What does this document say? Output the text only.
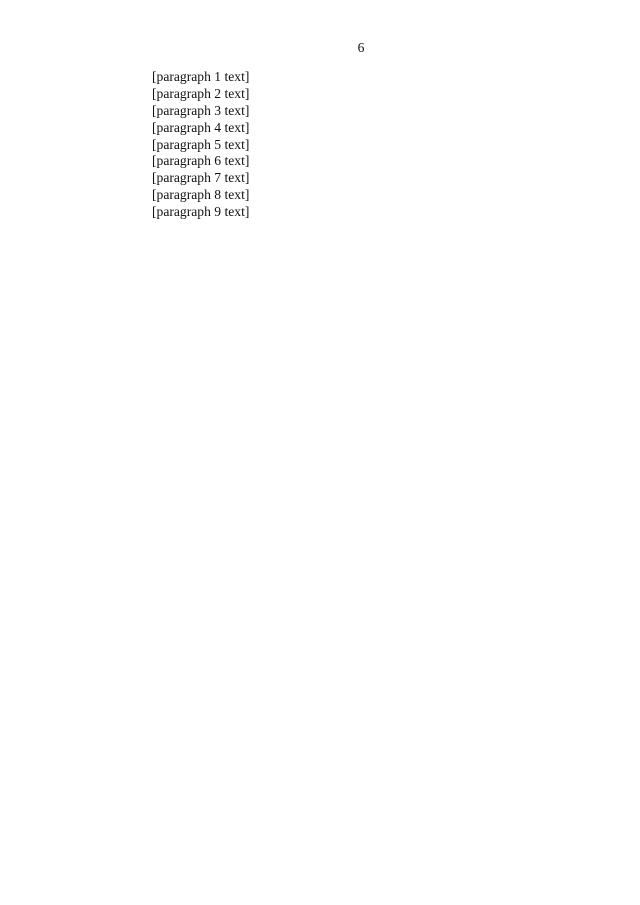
6

[paragraph 1 text]

[paragraph 2 text]

[paragraph 3 text]

[paragraph 4 text]

[paragraph 5 text]

[paragraph 6 text]

[paragraph 7 text]

[paragraph 8 text]

[paragraph 9 text]
